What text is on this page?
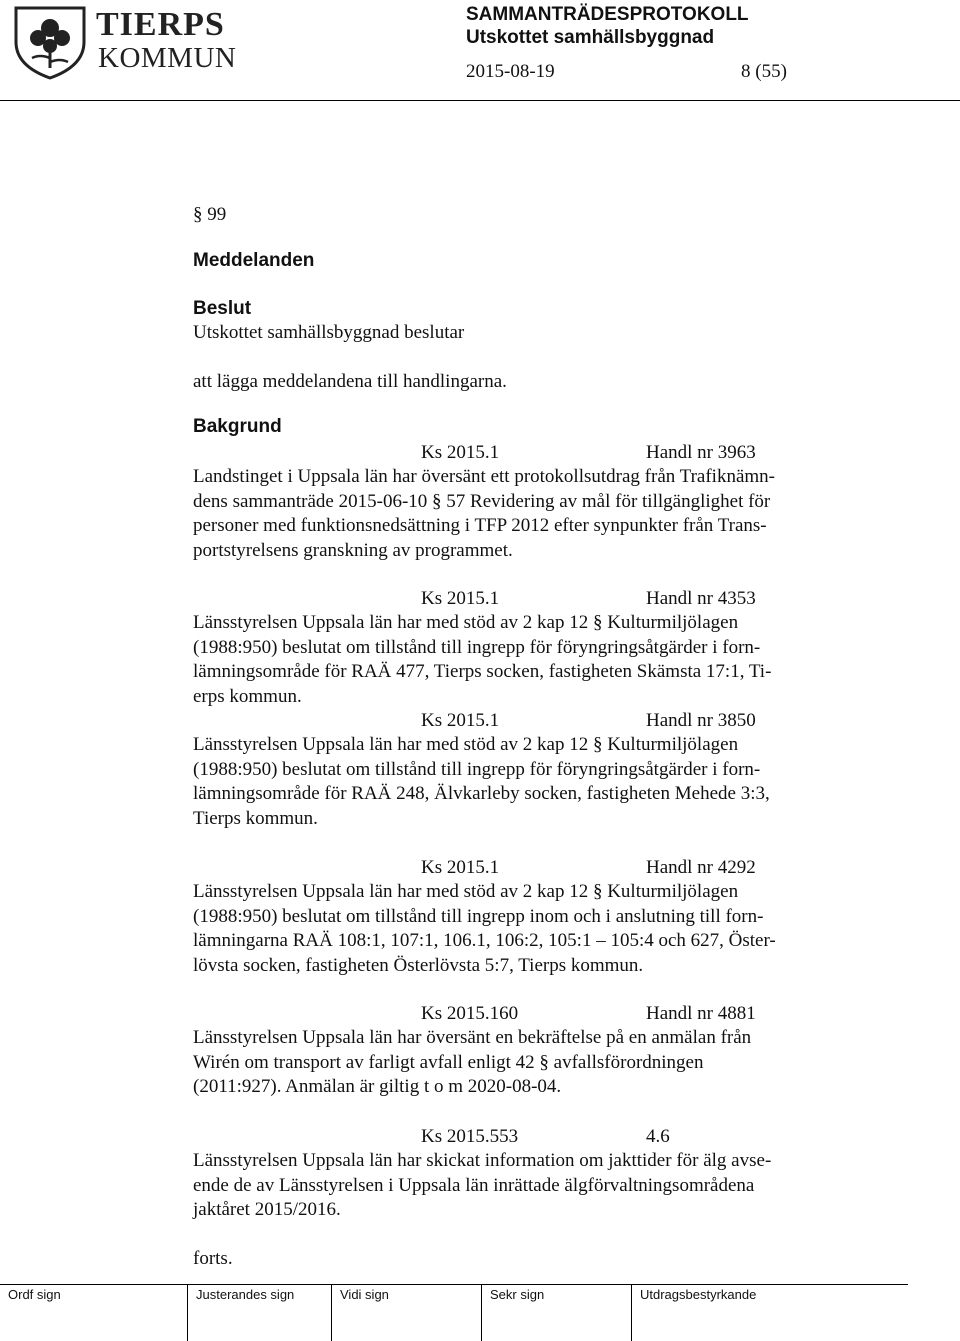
TIERPS
KOMMUN
SAMMANTRÄDESPROTOKOLL
Utskottet samhällsbyggnad
2015-08-19	8 (55)
§ 99
Meddelanden
Beslut
Utskottet samhällsbyggnad beslutar
att lägga meddelandena till handlingarna.
Bakgrund
Ks 2015.1	Handl nr 3963
Landstinget i Uppsala län har översänt ett protokollsutdrag från Trafiknämn-
dens sammanträde 2015-06-10 § 57 Revidering av mål för tillgänglighet för
personer med funktionsnedsättning i TFP 2012 efter synpunkter från Trans-
portstyrelsens granskning av programmet.
Ks 2015.1	Handl nr 4353
Länsstyrelsen Uppsala län har med stöd av 2 kap 12 § Kulturmiljölagen
(1988:950) beslutat om tillstånd till ingrepp för föryngringsåtgärder i forn-
lämningsområde för RAÄ 477, Tierps socken, fastigheten Skämsta 17:1, Ti-
erps kommun.
Ks 2015.1	Handl nr 3850
Länsstyrelsen Uppsala län har med stöd av 2 kap 12 § Kulturmiljölagen
(1988:950) beslutat om tillstånd till ingrepp för föryngringsåtgärder i forn-
lämningsområde för RAÄ 248, Älvkarleby socken, fastigheten Mehede 3:3,
Tierps kommun.
Ks 2015.1	Handl nr 4292
Länsstyrelsen Uppsala län har med stöd av 2 kap 12 § Kulturmiljölagen
(1988:950) beslutat om tillstånd till ingrepp inom och i anslutning till forn-
lämningarna RAÄ 108:1, 107:1, 106.1, 106:2, 105:1 – 105:4 och 627, Öster-
lövsta socken, fastigheten Österlövsta 5:7, Tierps kommun.
Ks 2015.160	Handl nr 4881
Länsstyrelsen Uppsala län har översänt en bekräftelse på en anmälan från
Wirén om transport av farligt avfall enligt 42 § avfallsförordningen
(2011:927). Anmälan är giltig t o m 2020-08-04.
Ks 2015.553	4.6
Länsstyrelsen Uppsala län har skickat information om jakttider för älg avse-
ende de av Länsstyrelsen i Uppsala län inrättade älgförvaltningsområdena
jaktåret 2015/2016.
forts.
Ordf sign	Justerandes sign	Vidi sign	Sekr sign	Utdragsbestyrkande
